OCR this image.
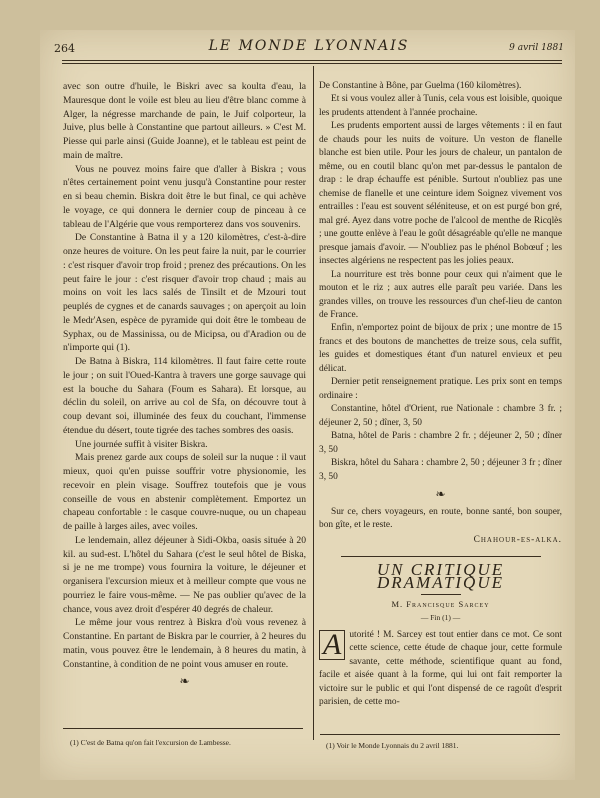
264	LE MONDE LYONNAIS	9 avril 1881

avec son outre d'huile, le Biskri avec sa koulta d'eau, la Mauresque dont le voile est bleu au lieu d'être blanc comme à Alger, la négresse marchande de pain, le Juif colporteur, la Juive, plus belle à Constantine que partout ailleurs. » C'est M. Piesse qui parle ainsi (Guide Joanne), et le tableau est peint de main de maître.

Vous ne pouvez moins faire que d'aller à Biskra ; vous n'êtes certainement point venu jusqu'à Constantine pour rester en si beau chemin. Biskra doit être le but final, ce qui achève le voyage, ce qui donnera le dernier coup de pinceau à ce tableau de l'Algérie que vous remporterez dans vos souvenirs.

De Constantine à Batna il y a 120 kilomètres, c'est-à-dire onze heures de voiture. On les peut faire la nuit, par le courrier : c'est risquer d'avoir trop froid ; prenez des précautions. On les peut faire le jour : c'est risquer d'avoir trop chaud ; mais au moins on voit les lacs salés de Tinsilt et de Mzouri tout peuplés de cygnes et de canards sauvages ; on aperçoit au loin le Medr'Asen, espèce de pyramide qui doit être le tombeau de Syphax, ou de Massinissa, ou de Micipsa, ou d'Aradion ou de n'importe qui (1).

De Batna à Biskra, 114 kilomètres. Il faut faire cette route le jour ; on suit l'Oued-Kantra à travers une gorge sauvage qui est la bouche du Sahara (Foum es Sahara). Et lorsque, au déclin du soleil, on arrive au col de Sfa, on découvre tout à coup devant soi, illuminée des feux du couchant, l'immense étendue du désert, toute tigrée des taches sombres des oasis.

Une journée suffit à visiter Biskra.

Mais prenez garde aux coups de soleil sur la nuque : il vaut mieux, quoi qu'en puisse souffrir votre physionomie, les recevoir en plein visage. Souffrez toutefois que je vous conseille de vous en abstenir complètement. Emportez un chapeau confortable : le casque couvre-nuque, ou un chapeau de paille à larges ailes, avec voiles.

Le lendemain, allez déjeuner à Sidi-Okba, oasis située à 20 kil. au sud-est. L'hôtel du Sahara (c'est le seul hôtel de Biska, si je ne me trompe) vous fournira la voiture, le déjeuner et organisera l'excursion mieux et à meilleur compte que vous ne pourriez le faire vous-même. — Ne pas oublier qu'avec de la chance, vous avez droit d'espérer 40 degrés de chaleur.

Le même jour vous rentrez à Biskra d'où vous revenez à Constantine. En partant de Biskra par le courrier, à 2 heures du matin, vous pouvez être le lendemain, à 8 heures du matin, à Constantine, à condition de ne point vous amuser en route.

❧
(1) C'est de Batna qu'on fait l'excursion de Lambesse.

De Constantine à Bône, par Guelma (160 kilomètres).

Et si vous voulez aller à Tunis, cela vous est loisible, quoique les prudents attendent à l'année prochaine.

Les prudents emportent aussi de larges vêtements : il en faut de chauds pour les nuits de voiture. Un veston de flanelle blanche est bien utile. Pour les jours de chaleur, un pantalon de même, ou en coutil blanc qu'on met par-dessus le pantalon de drap : le drap échauffe est pénible. Surtout n'oubliez pas une chemise de flanelle et une ceinture idem Soignez vivement vos entrailles : l'eau est souvent séléniteuse, et on est purgé bon gré, mal gré. Ayez dans votre poche de l'alcool de menthe de Ricqlès ; une goutte enlève à l'eau le goût désagréable qu'elle ne manque presque jamais d'avoir. — N'oubliez pas le phénol Bobœuf ; les insectes algériens ne respectent pas les jolies peaux.

La nourriture est très bonne pour ceux qui n'aiment que le mouton et le riz ; aux autres elle paraît peu variée. Dans les grandes villes, on trouve les ressources d'un chef-lieu de canton de France.

Enfin, n'emportez point de bijoux de prix ; une montre de 15 francs et des boutons de manchettes de treize sous, cela suffit, les guides et domestiques étant d'un naturel envieux et peu délicat.

Dernier petit renseignement pratique. Les prix sont en temps ordinaire :

Constantine, hôtel d'Orient, rue Nationale : chambre 3 fr. ; déjeuner 2, 50 ; dîner, 3, 50

Batna, hôtel de Paris : chambre 2 fr. ; déjeuner 2, 50 ; dîner 3, 50

Biskra, hôtel du Sahara : chambre 2, 50 ; déjeuner 3 fr ; dîner 3, 50

❧

Sur ce, chers voyageurs, en route, bonne santé, bon souper, bon gîte, et le reste.

Chahour-es-alka.
UN CRITIQUE DRAMATIQUE
M. Francisque Sarcey
— Fin (1) —

A utorité ! M. Sarcey est tout entier dans ce mot. Ce sont cette science, cette étude de chaque jour, cette formule savante, cette méthode, scientifique quant au fond, facile et aisée quant à la forme, qui lui ont fait remporter la victoire sur le public et qui l'ont dispensé de ce ragoût d'esprit parisien, de cette mo-

(1) Voir le Monde Lyonnais du 2 avril 1881.
